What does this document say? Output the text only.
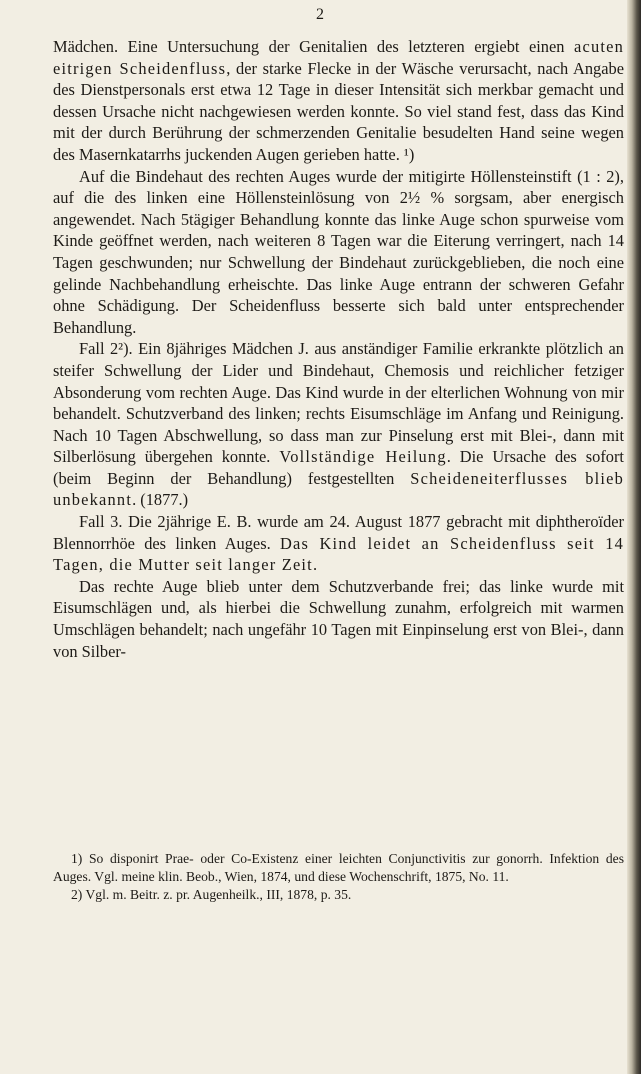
2

Mädchen. Eine Untersuchung der Genitalien des letzteren ergiebt einen acuten eitrigen Scheidenfluss, der starke Flecke in der Wäsche verursacht, nach Angabe des Dienstpersonals erst etwa 12 Tage in dieser Intensität sich merkbar gemacht und dessen Ursache nicht nachgewiesen werden konnte. So viel stand fest, dass das Kind mit der durch Berührung der schmerzenden Genitalie besudelten Hand seine wegen des Masernkatarrhs juckenden Augen gerieben hatte. ¹)

Auf die Bindehaut des rechten Auges wurde der mitigirte Höllensteinstift (1 : 2), auf die des linken eine Höllensteinlösung von 2½ % sorgsam, aber energisch angewendet. Nach 5tägiger Behandlung konnte das linke Auge schon spurweise vom Kinde geöffnet werden, nach weiteren 8 Tagen war die Eiterung verringert, nach 14 Tagen geschwunden; nur Schwellung der Bindehaut zurückgeblieben, die noch eine gelinde Nachbehandlung erheischte. Das linke Auge entrann der schweren Gefahr ohne Schädigung. Der Scheidenfluss besserte sich bald unter entsprechender Behandlung.

Fall 2²). Ein 8jähriges Mädchen J. aus anständiger Familie erkrankte plötzlich an steifer Schwellung der Lider und Bindehaut, Chemosis und reichlicher fetziger Absonderung vom rechten Auge. Das Kind wurde in der elterlichen Wohnung von mir behandelt. Schutzverband des linken; rechts Eisumschläge im Anfang und Reinigung. Nach 10 Tagen Abschwellung, so dass man zur Pinselung erst mit Blei-, dann mit Silberlösung übergehen konnte. Vollständige Heilung. Die Ursache des sofort (beim Beginn der Behandlung) festgestellten Scheideneiterflusses blieb unbekannt. (1877.)

Fall 3. Die 2jährige E. B. wurde am 24. August 1877 gebracht mit diphtheroïder Blennorrhöe des linken Auges. Das Kind leidet an Scheidenfluss seit 14 Tagen, die Mutter seit langer Zeit.

Das rechte Auge blieb unter dem Schutzverbande frei; das linke wurde mit Eisumschlägen und, als hierbei die Schwellung zunahm, erfolgreich mit warmen Umschlägen behandelt; nach ungefähr 10 Tagen mit Einpinselung erst von Blei-, dann von Silber-

1) So disponirt Prae- oder Co-Existenz einer leichten Conjunctivitis zur gonorrh. Infektion des Auges. Vgl. meine klin. Beob., Wien, 1874, und diese Wochenschrift, 1875, No. 11.

2) Vgl. m. Beitr. z. pr. Augenheilk., III, 1878, p. 35.
